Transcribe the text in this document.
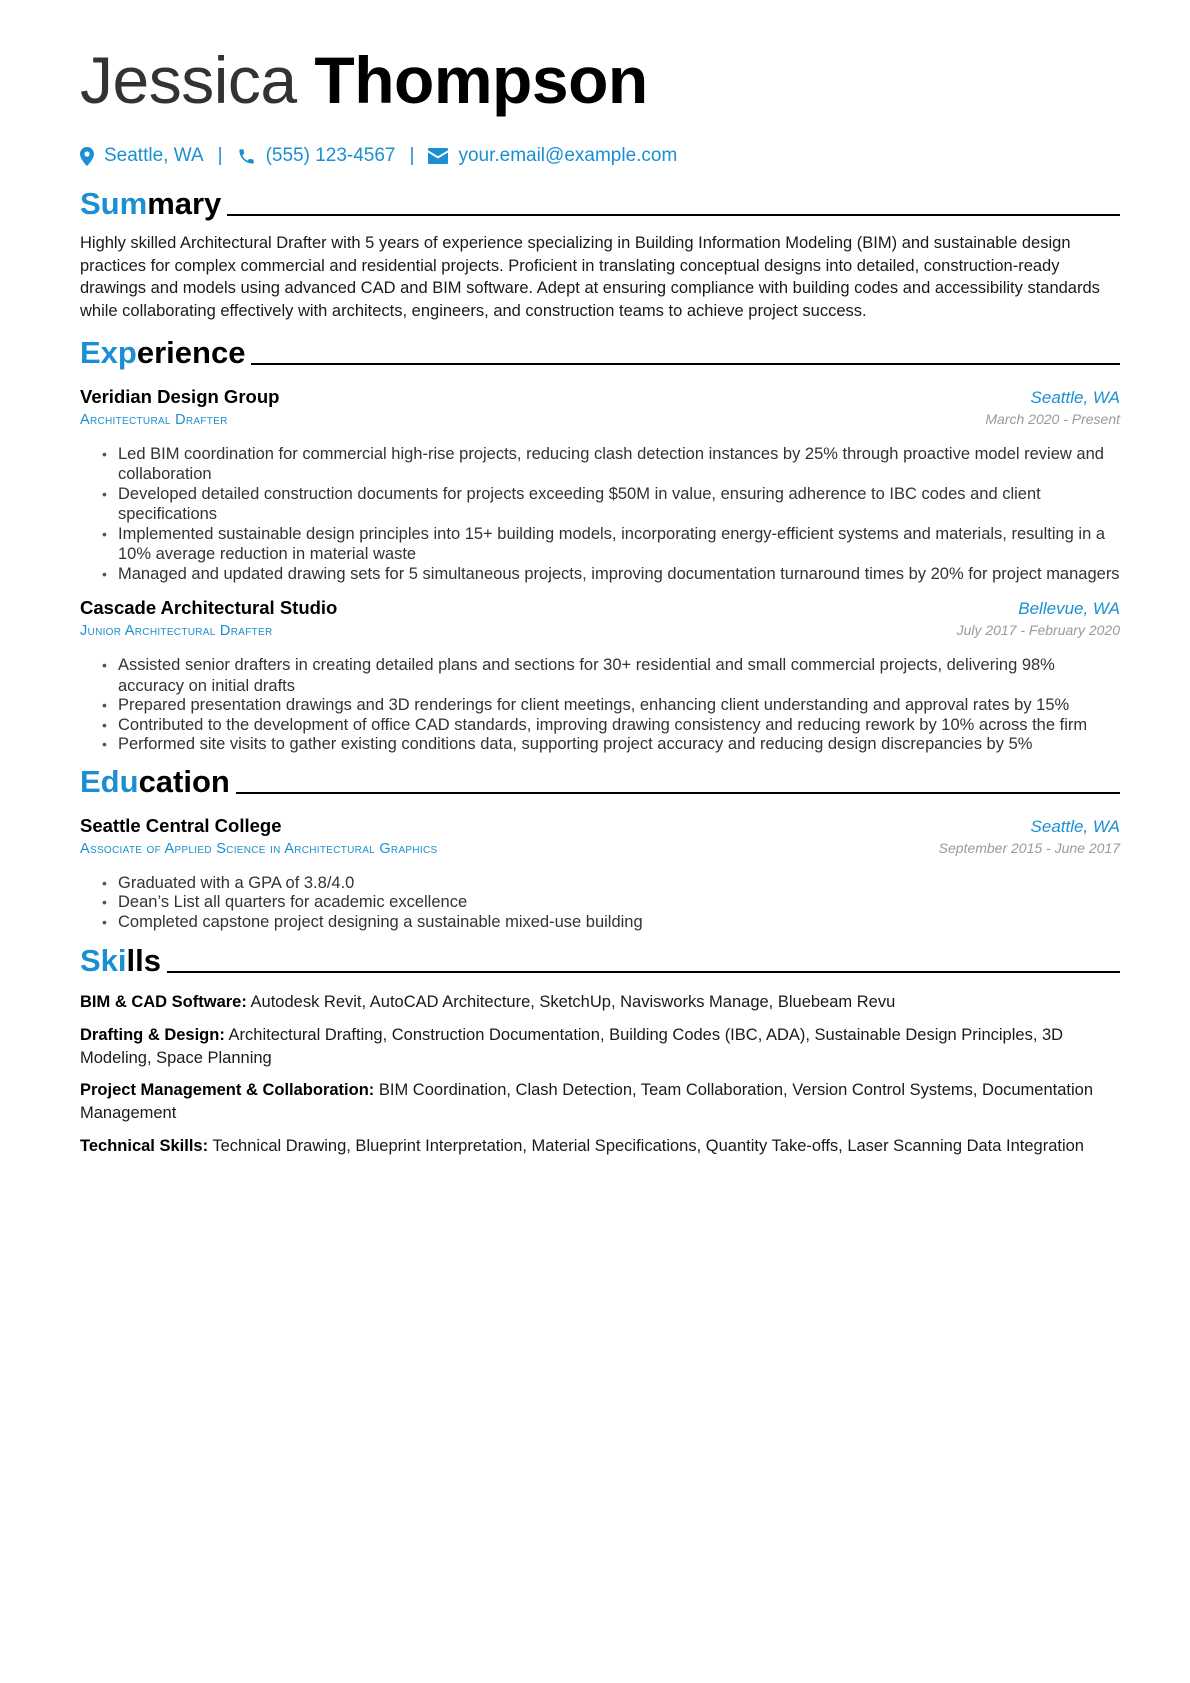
Jessica Thompson
Seattle, WA | (555) 123-4567 | your.email@example.com
Summary
Highly skilled Architectural Drafter with 5 years of experience specializing in Building Information Modeling (BIM) and sustainable design practices for complex commercial and residential projects. Proficient in translating conceptual designs into detailed, construction-ready drawings and models using advanced CAD and BIM software. Adept at ensuring compliance with building codes and accessibility standards while collaborating effectively with architects, engineers, and construction teams to achieve project success.
Experience
Veridian Design Group	Seattle, WA
Architectural Drafter	March 2020 - Present
• Led BIM coordination for commercial high-rise projects, reducing clash detection instances by 25% through proactive model review and collaboration
• Developed detailed construction documents for projects exceeding $50M in value, ensuring adherence to IBC codes and client specifications
• Implemented sustainable design principles into 15+ building models, incorporating energy-efficient systems and materials, resulting in a 10% average reduction in material waste
• Managed and updated drawing sets for 5 simultaneous projects, improving documentation turnaround times by 20% for project managers
Cascade Architectural Studio	Bellevue, WA
Junior Architectural Drafter	July 2017 - February 2020
• Assisted senior drafters in creating detailed plans and sections for 30+ residential and small commercial projects, delivering 98% accuracy on initial drafts
• Prepared presentation drawings and 3D renderings for client meetings, enhancing client understanding and approval rates by 15%
• Contributed to the development of office CAD standards, improving drawing consistency and reducing rework by 10% across the firm
• Performed site visits to gather existing conditions data, supporting project accuracy and reducing design discrepancies by 5%
Education
Seattle Central College	Seattle, WA
Associate of Applied Science in Architectural Graphics	September 2015 - June 2017
• Graduated with a GPA of 3.8/4.0
• Dean’s List all quarters for academic excellence
• Completed capstone project designing a sustainable mixed-use building
Skills
BIM & CAD Software: Autodesk Revit, AutoCAD Architecture, SketchUp, Navisworks Manage, Bluebeam Revu
Drafting & Design: Architectural Drafting, Construction Documentation, Building Codes (IBC, ADA), Sustainable Design Principles, 3D Modeling, Space Planning
Project Management & Collaboration: BIM Coordination, Clash Detection, Team Collaboration, Version Control Systems, Documentation Management
Technical Skills: Technical Drawing, Blueprint Interpretation, Material Specifications, Quantity Take-offs, Laser Scanning Data Integration
